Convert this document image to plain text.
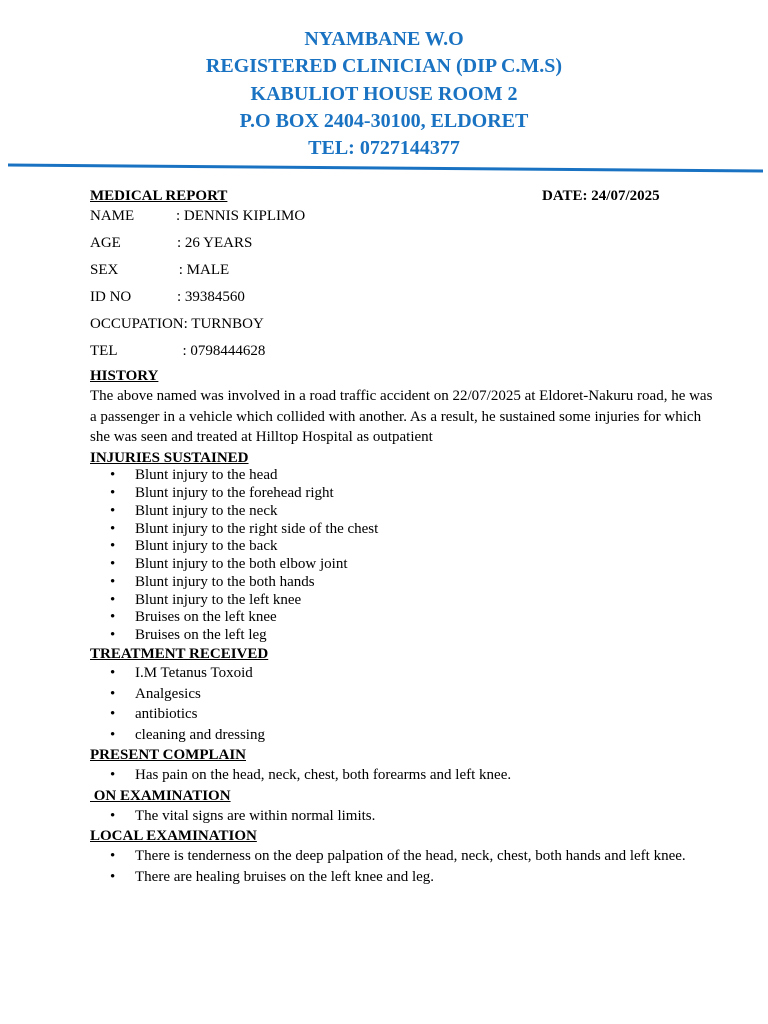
NYAMBANE W.O
REGISTERED CLINICIAN (DIP C.M.S)
KABULIOT HOUSE ROOM 2
P.O BOX 2404-30100, ELDORET
TEL: 0727144377
MEDICAL REPORT	DATE: 24/07/2025
NAME	: DENNIS KIPLIMO
AGE	: 26 YEARS
SEX	: MALE
ID NO	: 39384560
OCCUPATION: TURNBOY
TEL	: 0798444628
HISTORY

The above named was involved in a road traffic accident on 22/07/2025 at Eldoret-Nakuru road, he was a passenger in a vehicle which collided with another. As a result, he sustained some injuries for which she was seen and treated at Hilltop Hospital as outpatient

INJURIES SUSTAINED
• Blunt injury to the head
• Blunt injury to the forehead right
• Blunt injury to the neck
• Blunt injury to the right side of the chest
• Blunt injury to the back
• Blunt injury to the both elbow joint
• Blunt injury to the both hands
• Blunt injury to the left knee
• Bruises on the left knee
• Bruises on the left leg
TREATMENT RECEIVED
• I.M Tetanus Toxoid
• Analgesics
• antibiotics
• cleaning and dressing
PRESENT COMPLAIN
• Has pain on the head, neck, chest, both forearms and left knee.
ON EXAMINATION
• The vital signs are within normal limits.
LOCAL EXAMINATION
• There is tenderness on the deep palpation of the head, neck, chest, both hands and left knee.
• There are healing bruises on the left knee and leg.
